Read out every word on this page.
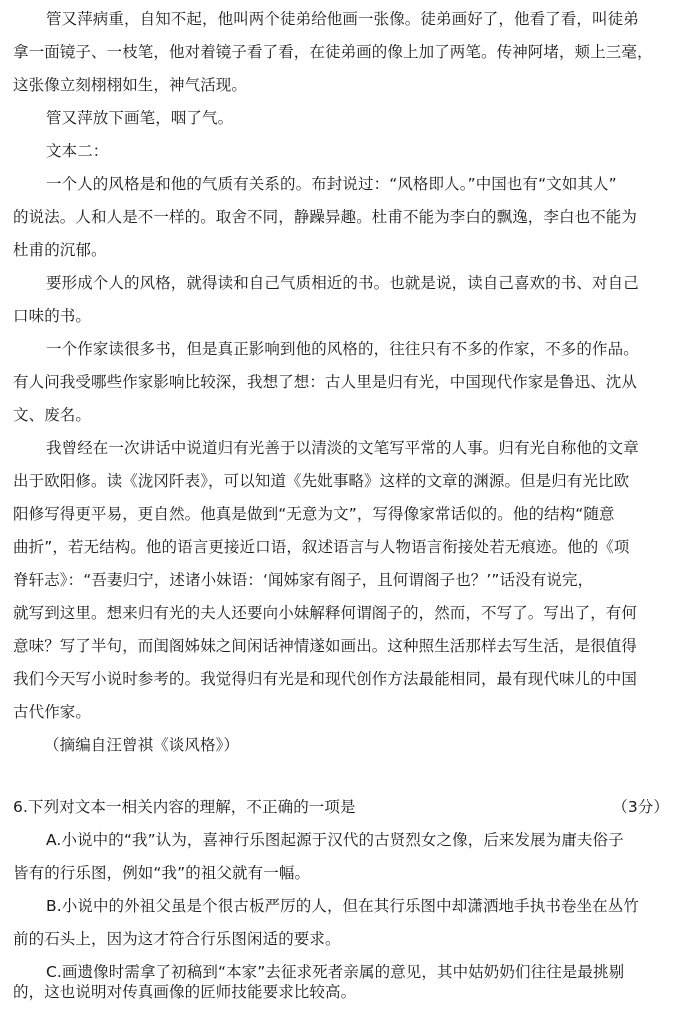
管又萍病重，自知不起，他叫两个徒弟给他画一张像。徒弟画好了，他看了看，叫徒弟
拿一面镜子、一枝笔，他对着镜子看了看，在徒弟画的像上加了两笔。传神阿堵，颊上三毫，
这张像立刻栩栩如生，神气活现。
管又萍放下画笔，咽了气。
文本二：
一个人的风格是和他的气质有关系的。布封说过：“风格即人。”中国也有“文如其人”
的说法。人和人是不一样的。取舍不同，静躁异趣。杜甫不能为李白的飘逸，李白也不能为
杜甫的沉郁。
要形成个人的风格，就得读和自己气质相近的书。也就是说，读自己喜欢的书、对自己
口味的书。
一个作家读很多书，但是真正影响到他的风格的，往往只有不多的作家，不多的作品。
有人问我受哪些作家影响比较深，我想了想：古人里是归有光，中国现代作家是鲁迅、沈从
文、废名。
我曾经在一次讲话中说道归有光善于以清淡的文笔写平常的人事。归有光自称他的文章
出于欧阳修。读《泷冈阡表》，可以知道《先妣事略》这样的文章的渊源。但是归有光比欧
阳修写得更平易，更自然。他真是做到“无意为文”，写得像家常话似的。他的结构“随意
曲折”，若无结构。他的语言更接近口语，叙述语言与人物语言衔接处若无痕迹。他的《项
脊轩志》：“吾妻归宁，述诸小妹语：‘闻姊家有阁子，且何谓阁子也？’”话没有说完，
就写到这里。想来归有光的夫人还要向小妹解释何谓阁子的，然而，不写了。写出了，有何
意味？写了半句，而闺阁姊妹之间闲话神情遂如画出。这种照生活那样去写生活，是很值得
我们今天写小说时参考的。我觉得归有光是和现代创作方法最能相同，最有现代味儿的中国
古代作家。
（摘编自汪曾祺《谈风格》）
6.下列对文本一相关内容的理解，不正确的一项是	（3分）
A.小说中的“我”认为，喜神行乐图起源于汉代的古贤烈女之像，后来发展为庸夫俗子
皆有的行乐图，例如“我”的祖父就有一幅。
B.小说中的外祖父虽是个很古板严厉的人，但在其行乐图中却潇洒地手执书卷坐在丛竹
前的石头上，因为这才符合行乐图闲适的要求。
C.画遗像时需拿了初稿到“本家”去征求死者亲属的意见，其中姑奶奶们往往是最挑剔
的，这也说明对传真画像的匠师技能要求比较高。
